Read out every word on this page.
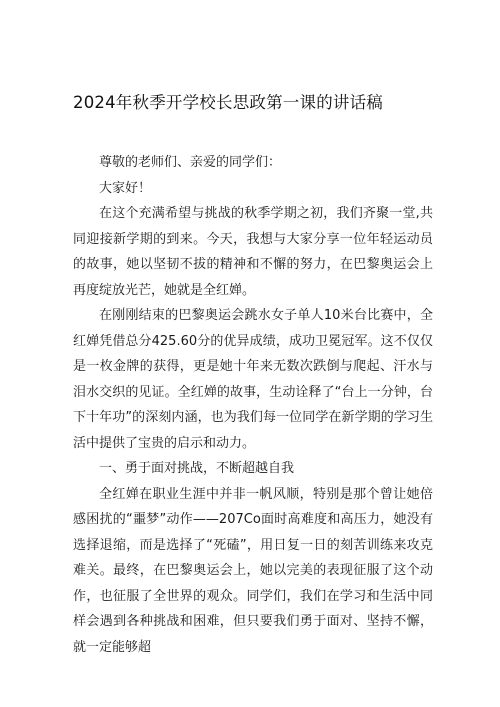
2024年秋季开学校长思政第一课的讲话稿

尊敬的老师们、亲爱的同学们：

大家好！

在这个充满希望与挑战的秋季学期之初，我们齐聚一堂,共同迎接新学期的到来。今天，我想与大家分享一位年轻运动员的故事，她以坚韧不拔的精神和不懈的努力，在巴黎奥运会上再度绽放光芒，她就是全红婵。

在刚刚结束的巴黎奥运会跳水女子单人10米台比赛中，全红婵凭借总分425.60分的优异成绩，成功卫冕冠军。这不仅仅是一枚金牌的获得，更是她十年来无数次跌倒与爬起、汗水与泪水交织的见证。全红婵的故事，生动诠释了“台上一分钟，台下十年功”的深刻内涵，也为我们每一位同学在新学期的学习生活中提供了宝贵的启示和动力。

一、勇于面对挑战，不断超越自我

全红婵在职业生涯中并非一帆风顺，特别是那个曾让她倍感困扰的“噩梦”动作——207Co面时高难度和高压力，她没有选择退缩，而是选择了“死磕”，用日复一日的刻苦训练来攻克难关。最终，在巴黎奥运会上，她以完美的表现征服了这个动作，也征服了全世界的观众。同学们，我们在学习和生活中同样会遇到各种挑战和困难，但只要我们勇于面对、坚持不懈，就一定能够超
